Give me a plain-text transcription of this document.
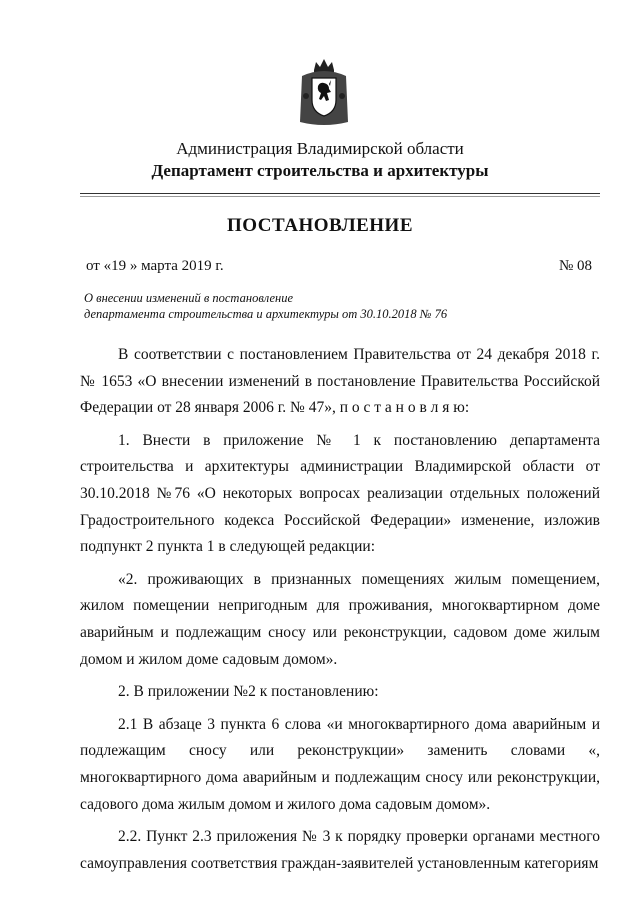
Администрация Владимирской области
Департамент строительства и архитектуры
ПОСТАНОВЛЕНИЕ
от «19 » марта 2019 г.	№ 08
О внесении изменений в постановление
департамента строительства и архитектуры от 30.10.2018 № 76

В соответствии с постановлением Правительства от 24 декабря 2018 г. № 1653 «О внесении изменений в постановление Правительства Российской Федерации от 28 января 2006 г. № 47», п о с т а н о в л я ю:

1. Внести в приложение № 1 к постановлению департамента строительства и архитектуры администрации Владимирской области от 30.10.2018 №76 «О некоторых вопросах реализации отдельных положений Градостроительного кодекса Российской Федерации» изменение, изложив подпункт 2 пункта 1 в следующей редакции:

«2. проживающих в признанных помещениях жилым помещением, жилом помещении непригодным для проживания, многоквартирном доме аварийным и подлежащим сносу или реконструкции, садовом доме жилым домом и жилом доме садовым домом».

2. В приложении №2 к постановлению:

2.1 В абзаце 3 пункта 6 слова «и многоквартирного дома аварийным и подлежащим сносу или реконструкции» заменить словами «, многоквартирного дома аварийным и подлежащим сносу или реконструкции, садового дома жилым домом и жилого дома садовым домом».

2.2. Пункт 2.3 приложения № 3 к порядку проверки органами местного самоуправления соответствия граждан-заявителей установленным категориям
